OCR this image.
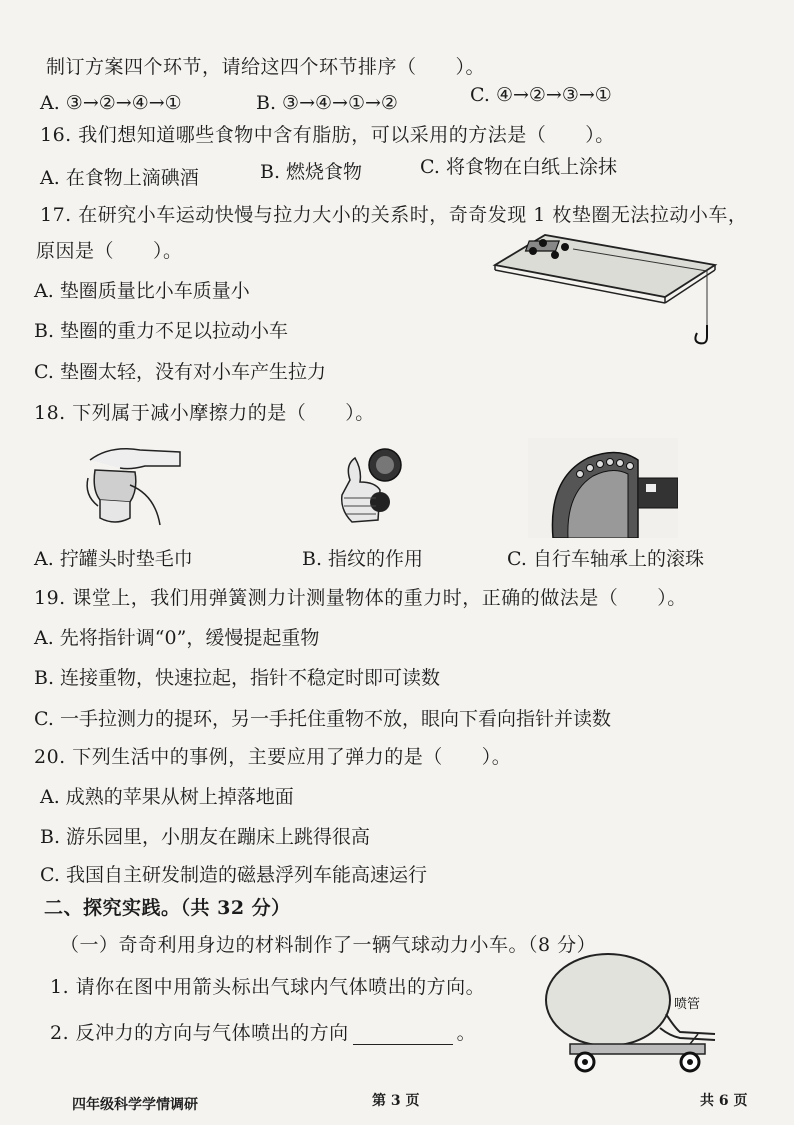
制订方案四个环节，请给这四个环节排序（　　）。
A. ③→②→④→①	B. ③→④→①→②	C. ④→②→③→①
16. 我们想知道哪些食物中含有脂肪，可以采用的方法是（　　）。
A. 在食物上滴碘酒	B. 燃烧食物	C. 将食物在白纸上涂抹
17. 在研究小车运动快慢与拉力大小的关系时，奇奇发现 1 枚垫圈无法拉动小车，
原因是（　　）。
A. 垫圈质量比小车质量小
B. 垫圈的重力不足以拉动小车
C. 垫圈太轻，没有对小车产生拉力
18. 下列属于减小摩擦力的是（　　）。
A. 拧罐头时垫毛巾	B. 指纹的作用	C. 自行车轴承上的滚珠
19. 课堂上，我们用弹簧测力计测量物体的重力时，正确的做法是（　　）。
A. 先将指针调“0”，缓慢提起重物
B. 连接重物，快速拉起，指针不稳定时即可读数
C. 一手拉测力的提环，另一手托住重物不放，眼向下看向指针并读数
20. 下列生活中的事例，主要应用了弹力的是（　　）。
A. 成熟的苹果从树上掉落地面
B. 游乐园里，小朋友在蹦床上跳得很高
C. 我国自主研发制造的磁悬浮列车能高速运行
二、探究实践。（共 32 分）
（一）奇奇利用身边的材料制作了一辆气球动力小车。（8 分）
1. 请你在图中用箭头标出气球内气体喷出的方向。
2. 反冲力的方向与气体喷出的方向	。
喷管
四年级科学学情调研	第 3 页	共 6 页
